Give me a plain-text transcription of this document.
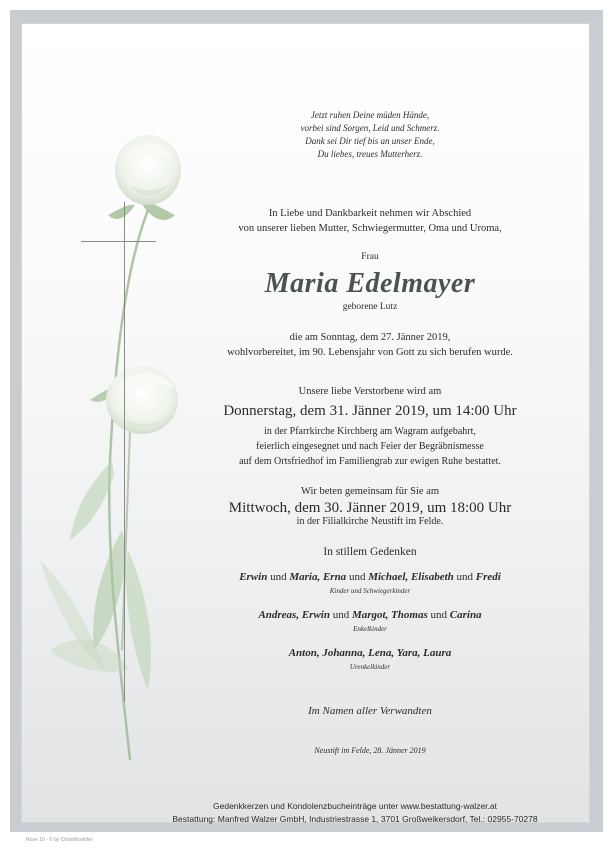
Jetzt ruhen Deine müden Hände,
vorbei sind Sorgen, Leid und Schmerz.
Dank sei Dir tief bis an unser Ende,
Du liebes, treues Mutterherz.
In Liebe und Dankbarkeit nehmen wir Abschied
von unserer lieben Mutter, Schwiegermutter, Oma und Uroma,
Frau
Maria Edelmayer
geborene Lutz
die am Sonntag, dem 27. Jänner 2019,
wohlvorbereitet, im 90. Lebensjahr von Gott zu sich berufen wurde.
Unsere liebe Verstorbene wird am
Donnerstag, dem 31. Jänner 2019, um 14:00 Uhr
in der Pfarrkirche Kirchberg am Wagram aufgebahrt,
feierlich eingesegnet und nach Feier der Begräbnismesse
auf dem Ortsfriedhof im Familiengrab zur ewigen Ruhe bestattet.
Wir beten gemeinsam für Sie am
Mittwoch, dem 30. Jänner 2019, um 18:00 Uhr
in der Filialkirche Neustift im Felde.
In stillem Gedenken
Erwin und Maria, Erna und Michael, Elisabeth und Fredi
Kinder und Schwiegerkinder
Andreas, Erwin und Margot, Thomas und Carina
Enkelkinder
Anton, Johanna, Lena, Yara, Laura
Urenkelkinder
Im Namen aller Verwandten
Neustift im Felde, 28. Jänner 2019
Gedenkkerzen und Kondolenzbucheinträge unter www.bestattung-walzer.at
Bestattung: Manfred Walzer GmbH, Industriestrasse 1, 3701 Großweikersdorf, Tel.: 02955-70278
Rose 10 - © by Christ/Koehler
